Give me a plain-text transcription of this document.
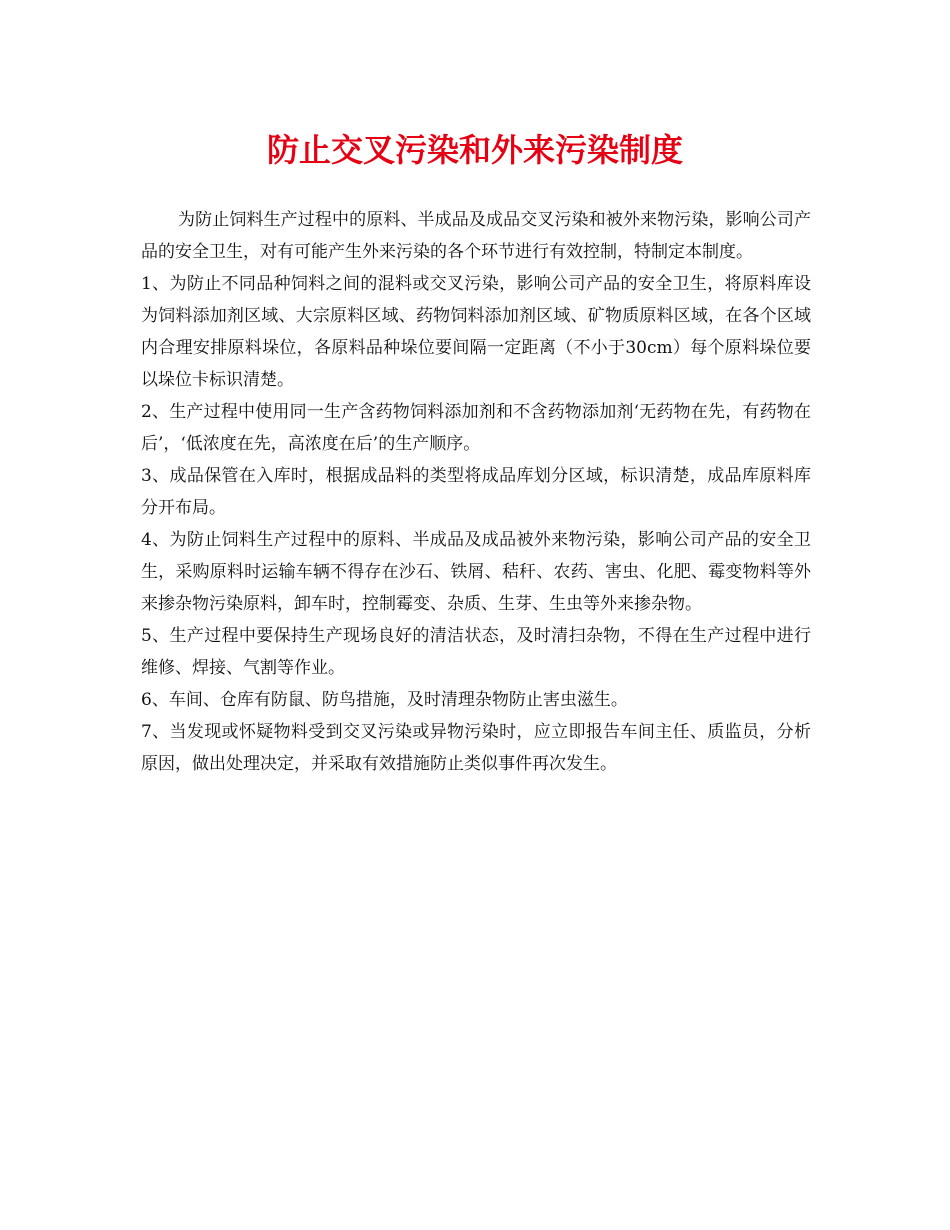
防止交叉污染和外来污染制度

为防止饲料生产过程中的原料、半成品及成品交叉污染和被外来物污染，影响公司产品的安全卫生，对有可能产生外来污染的各个环节进行有效控制，特制定本制度。

1、为防止不同品种饲料之间的混料或交叉污染，影响公司产品的安全卫生，将原料库设为饲料添加剂区域、大宗原料区域、药物饲料添加剂区域、矿物质原料区域，在各个区域内合理安排原料垛位，各原料品种垛位要间隔一定距离（不小于30cm）每个原料垛位要以垛位卡标识清楚。

2、生产过程中使用同一生产含药物饲料添加剂和不含药物添加剂‘无药物在先，有药物在后’，‘低浓度在先，高浓度在后’的生产顺序。

3、成品保管在入库时，根据成品料的类型将成品库划分区域，标识清楚，成品库原料库分开布局。

4、为防止饲料生产过程中的原料、半成品及成品被外来物污染，影响公司产品的安全卫生，采购原料时运输车辆不得存在沙石、铁屑、秸秆、农药、害虫、化肥、霉变物料等外来掺杂物污染原料，卸车时，控制霉变、杂质、生芽、生虫等外来掺杂物。

5、生产过程中要保持生产现场良好的清洁状态，及时清扫杂物，不得在生产过程中进行维修、焊接、气割等作业。

6、车间、仓库有防鼠、防鸟措施，及时清理杂物防止害虫滋生。

7、当发现或怀疑物料受到交叉污染或异物污染时，应立即报告车间主任、质监员，分析原因，做出处理决定，并采取有效措施防止类似事件再次发生。
